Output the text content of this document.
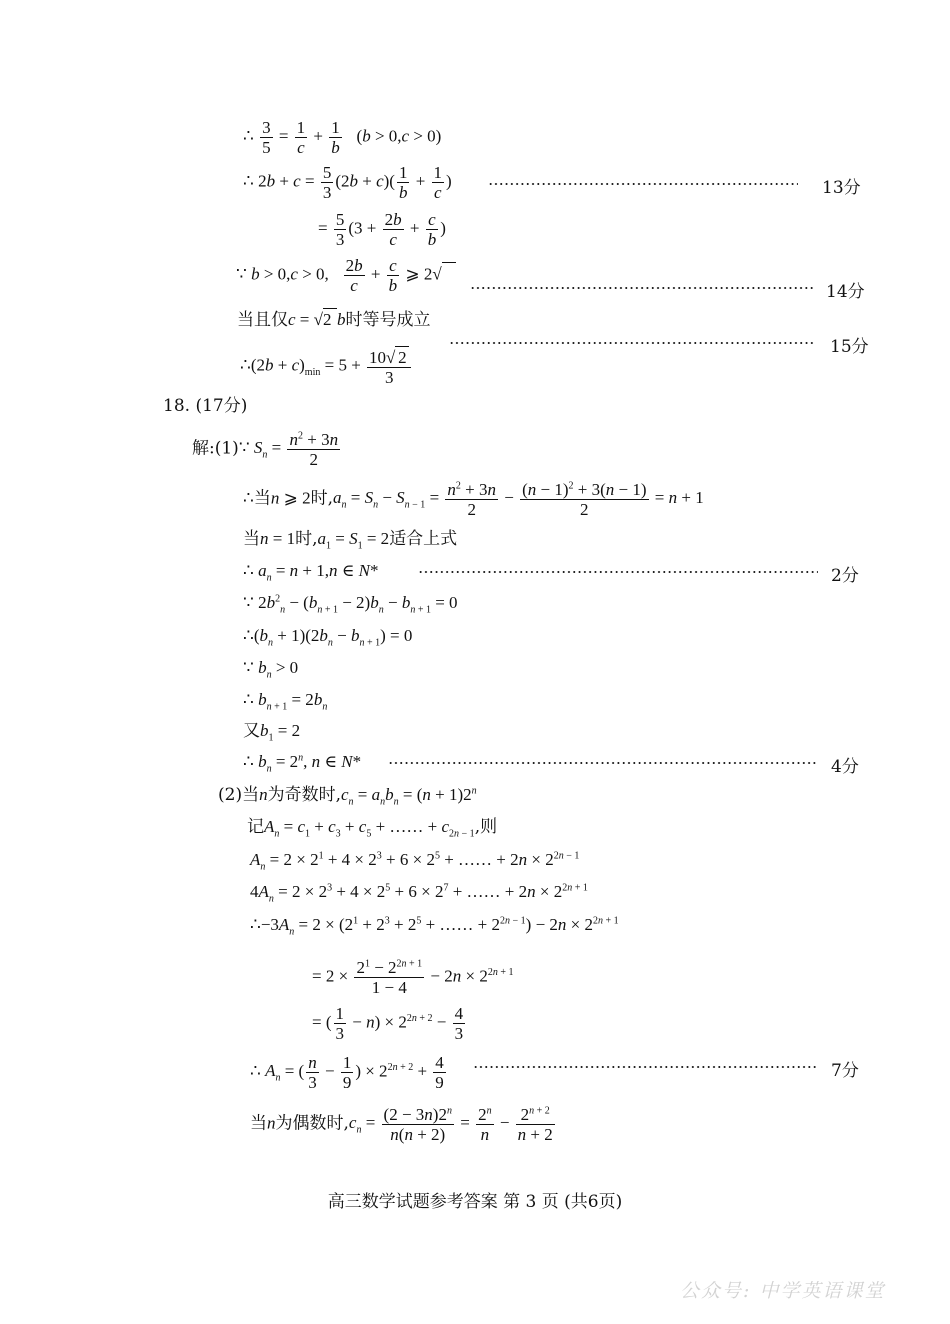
∴ $\frac{3}{5} = \frac{1}{c} + \frac{1}{b} (b > 0,c > 0)$
∴ $2b + c = \frac{5}{3} (2b + c)( \frac{1}{b} + \frac{1}{c}$ )	13分
= $\frac{5}{3} (3 + \frac{2b}{c} + \frac{c}{b}$ )
∵ b > 0,c > 0, $\frac{2b}{c} + \frac{c}{b}$ ⩾ 2√
14分
当且仅c = √2 b时等号成立
∴(2b + $c)_{min} = 5 + \frac{10√ 2}{3}$	15分
18. (17分)
解:(1)∵ $S_n = \frac{n^2 + 3n}{2}$
∴当n ⩾ 2时$,a_n = S_n - S_{n - 1} = \frac{n^2 + 3n}{2} - \frac{(n - 1)^2 + 3(n - 1)}{2} = n + 1$
当n = 1时$,a_1 = S_1 = 2$适合上式
∴ $a_n = n + 1,n$ ∈ N*	2分
∵ $2b^2_n - (b_{n + 1} - 2)b_n - b_{n + 1} = 0$
$\therefore(b_n + 1)(2b_n - b_{n + 1}) = 0$
∵ $b_n > 0$
∴ $b_{n + 1} = 2b_n$
又$b_1 = 2$
∴ $b_n = 2^n$, n ∈ N*	4分
(2)当n为奇数时$,c_n = a_nb_n = (n + 1)2^n$
记$A_n = c_1 + c_3 + c_5$ + …… + $c_{2n - 1}$,则
$A_n = 2 \times 2^1 + 4 \times 2^3 + 6 \times 2^5$ + …… + $2n \times 2^{2n - 1}$
$4A_n = 2 \times 2^3 + 4 \times 2^5 + 6 \times 2^7$ + …… + $2n \times 2^{2n + 1}$
$\therefore-3A_n = 2 \times (2^1 + 2^3 + 2^5$ + …… + $2^{2n - 1}) - 2n \times 2^{2n + 1}$
= $2 \times \frac{2^1 - 2^{2n + 1}}{1 - 4} - 2n \times 2^{2n + 1}$
= ( $\frac{1}{3} - n) \times 2^{2n + 2} - \frac{4}{3}$
∴ $A_n$ = ( $\frac{n}{3} - \frac{1}{9}$ ) × $2^{2n + 2} + \frac{4}{9}$	7分
当n为偶数时$,c_n = \frac{(2 - 3n)2^n}{n(n + 2)} = \frac{2^n}{n} - \frac{2^{n + 2}}{n + 2}$
高三数学试题参考答案 第 3 页 (共6页)
公众号: 中学英语课堂
